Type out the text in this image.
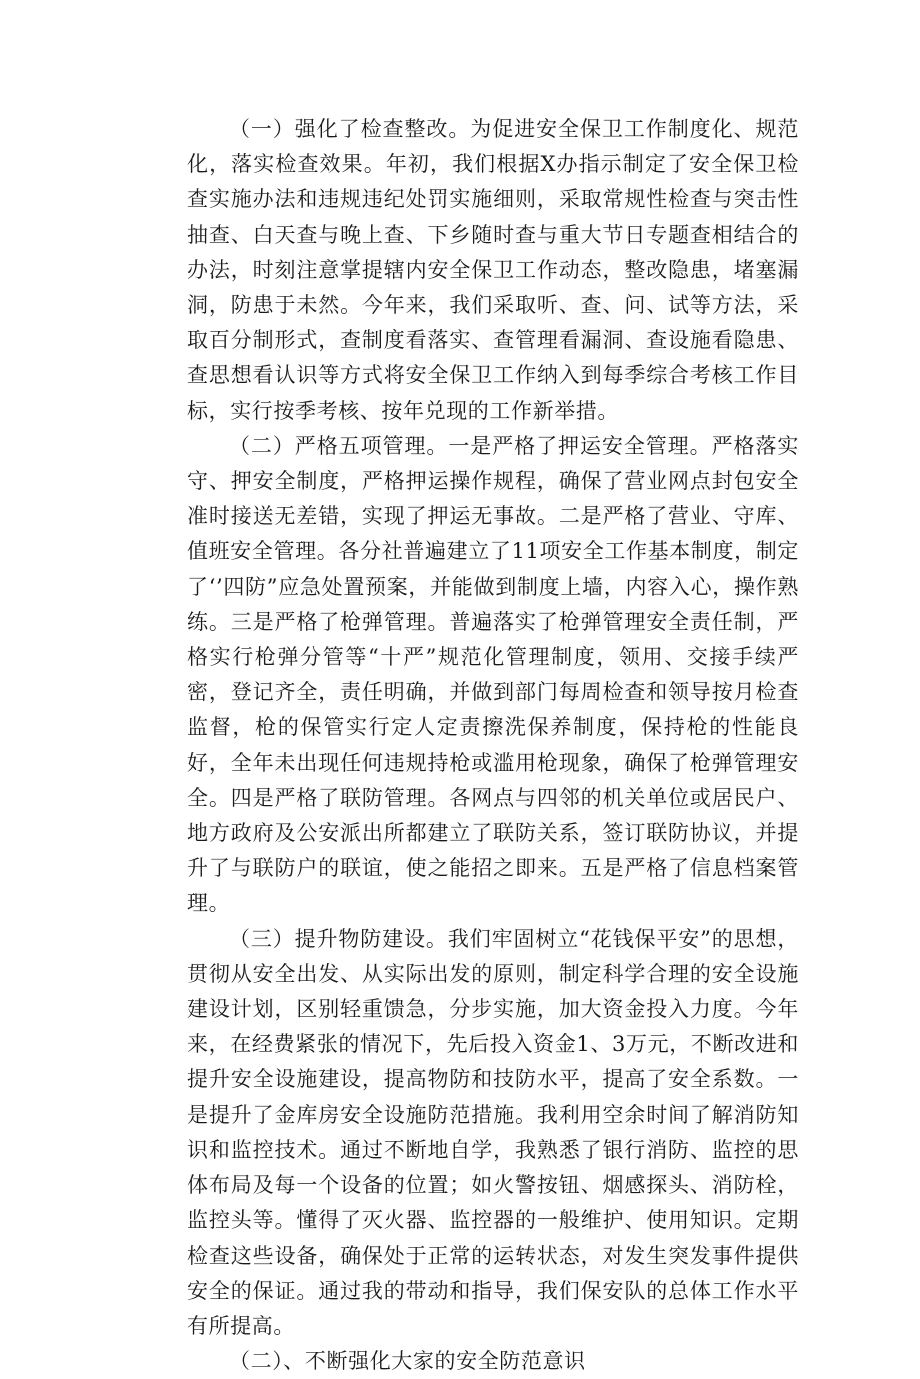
（一）强化了检查整改。为促进安全保卫工作制度化、规范化，落实检查效果。年初，我们根据X办指示制定了安全保卫检查实施办法和违规违纪处罚实施细则，采取常规性检查与突击性抽查、白天查与晚上查、下乡随时查与重大节日专题查相结合的办法，时刻注意掌提辖内安全保卫工作动态，整改隐患，堵塞漏洞，防患于未然。今年来，我们采取听、查、问、试等方法，采取百分制形式，查制度看落实、查管理看漏洞、查设施看隐患、查思想看认识等方式将安全保卫工作纳入到每季综合考核工作目标，实行按季考核、按年兑现的工作新举措。

（二）严格五项管理。一是严格了押运安全管理。严格落实守、押安全制度，严格押运操作规程，确保了营业网点封包安全准时接送无差错，实现了押运无事故。二是严格了营业、守库、值班安全管理。各分社普遍建立了11项安全工作基本制度，制定了‘’四防”应急处置预案，并能做到制度上墙，内容入心，操作熟练。三是严格了枪弹管理。普遍落实了枪弹管理安全责任制，严格实行枪弹分管等“十严”规范化管理制度，领用、交接手续严密，登记齐全，责任明确，并做到部门每周检查和领导按月检查监督，枪的保管实行定人定责擦洗保养制度，保持枪的性能良好，全年未出现任何违规持枪或滥用枪现象，确保了枪弹管理安全。四是严格了联防管理。各网点与四邻的机关单位或居民户、地方政府及公安派出所都建立了联防关系，签订联防协议，并提升了与联防户的联谊，使之能招之即来。五是严格了信息档案管理。

（三）提升物防建设。我们牢固树立“花钱保平安”的思想，贯彻从安全出发、从实际出发的原则，制定科学合理的安全设施建设计划，区别轻重馈急，分步实施，加大资金投入力度。今年来，在经费紧张的情况下，先后投入资金1、3万元，不断改进和提升安全设施建设，提高物防和技防水平，提高了安全系数。一是提升了金库房安全设施防范措施。我利用空余时间了解消防知识和监控技术。通过不断地自学，我熟悉了银行消防、监控的思体布局及每一个设备的位置；如火警按钮、烟感探头、消防栓，监控头等。懂得了灭火器、监控器的一般维护、使用知识。定期检查这些设备，确保处于正常的运转状态，对发生突发事件提供安全的保证。通过我的带动和指导，我们保安队的总体工作水平有所提高。

（二）、不断强化大家的安全防范意识
